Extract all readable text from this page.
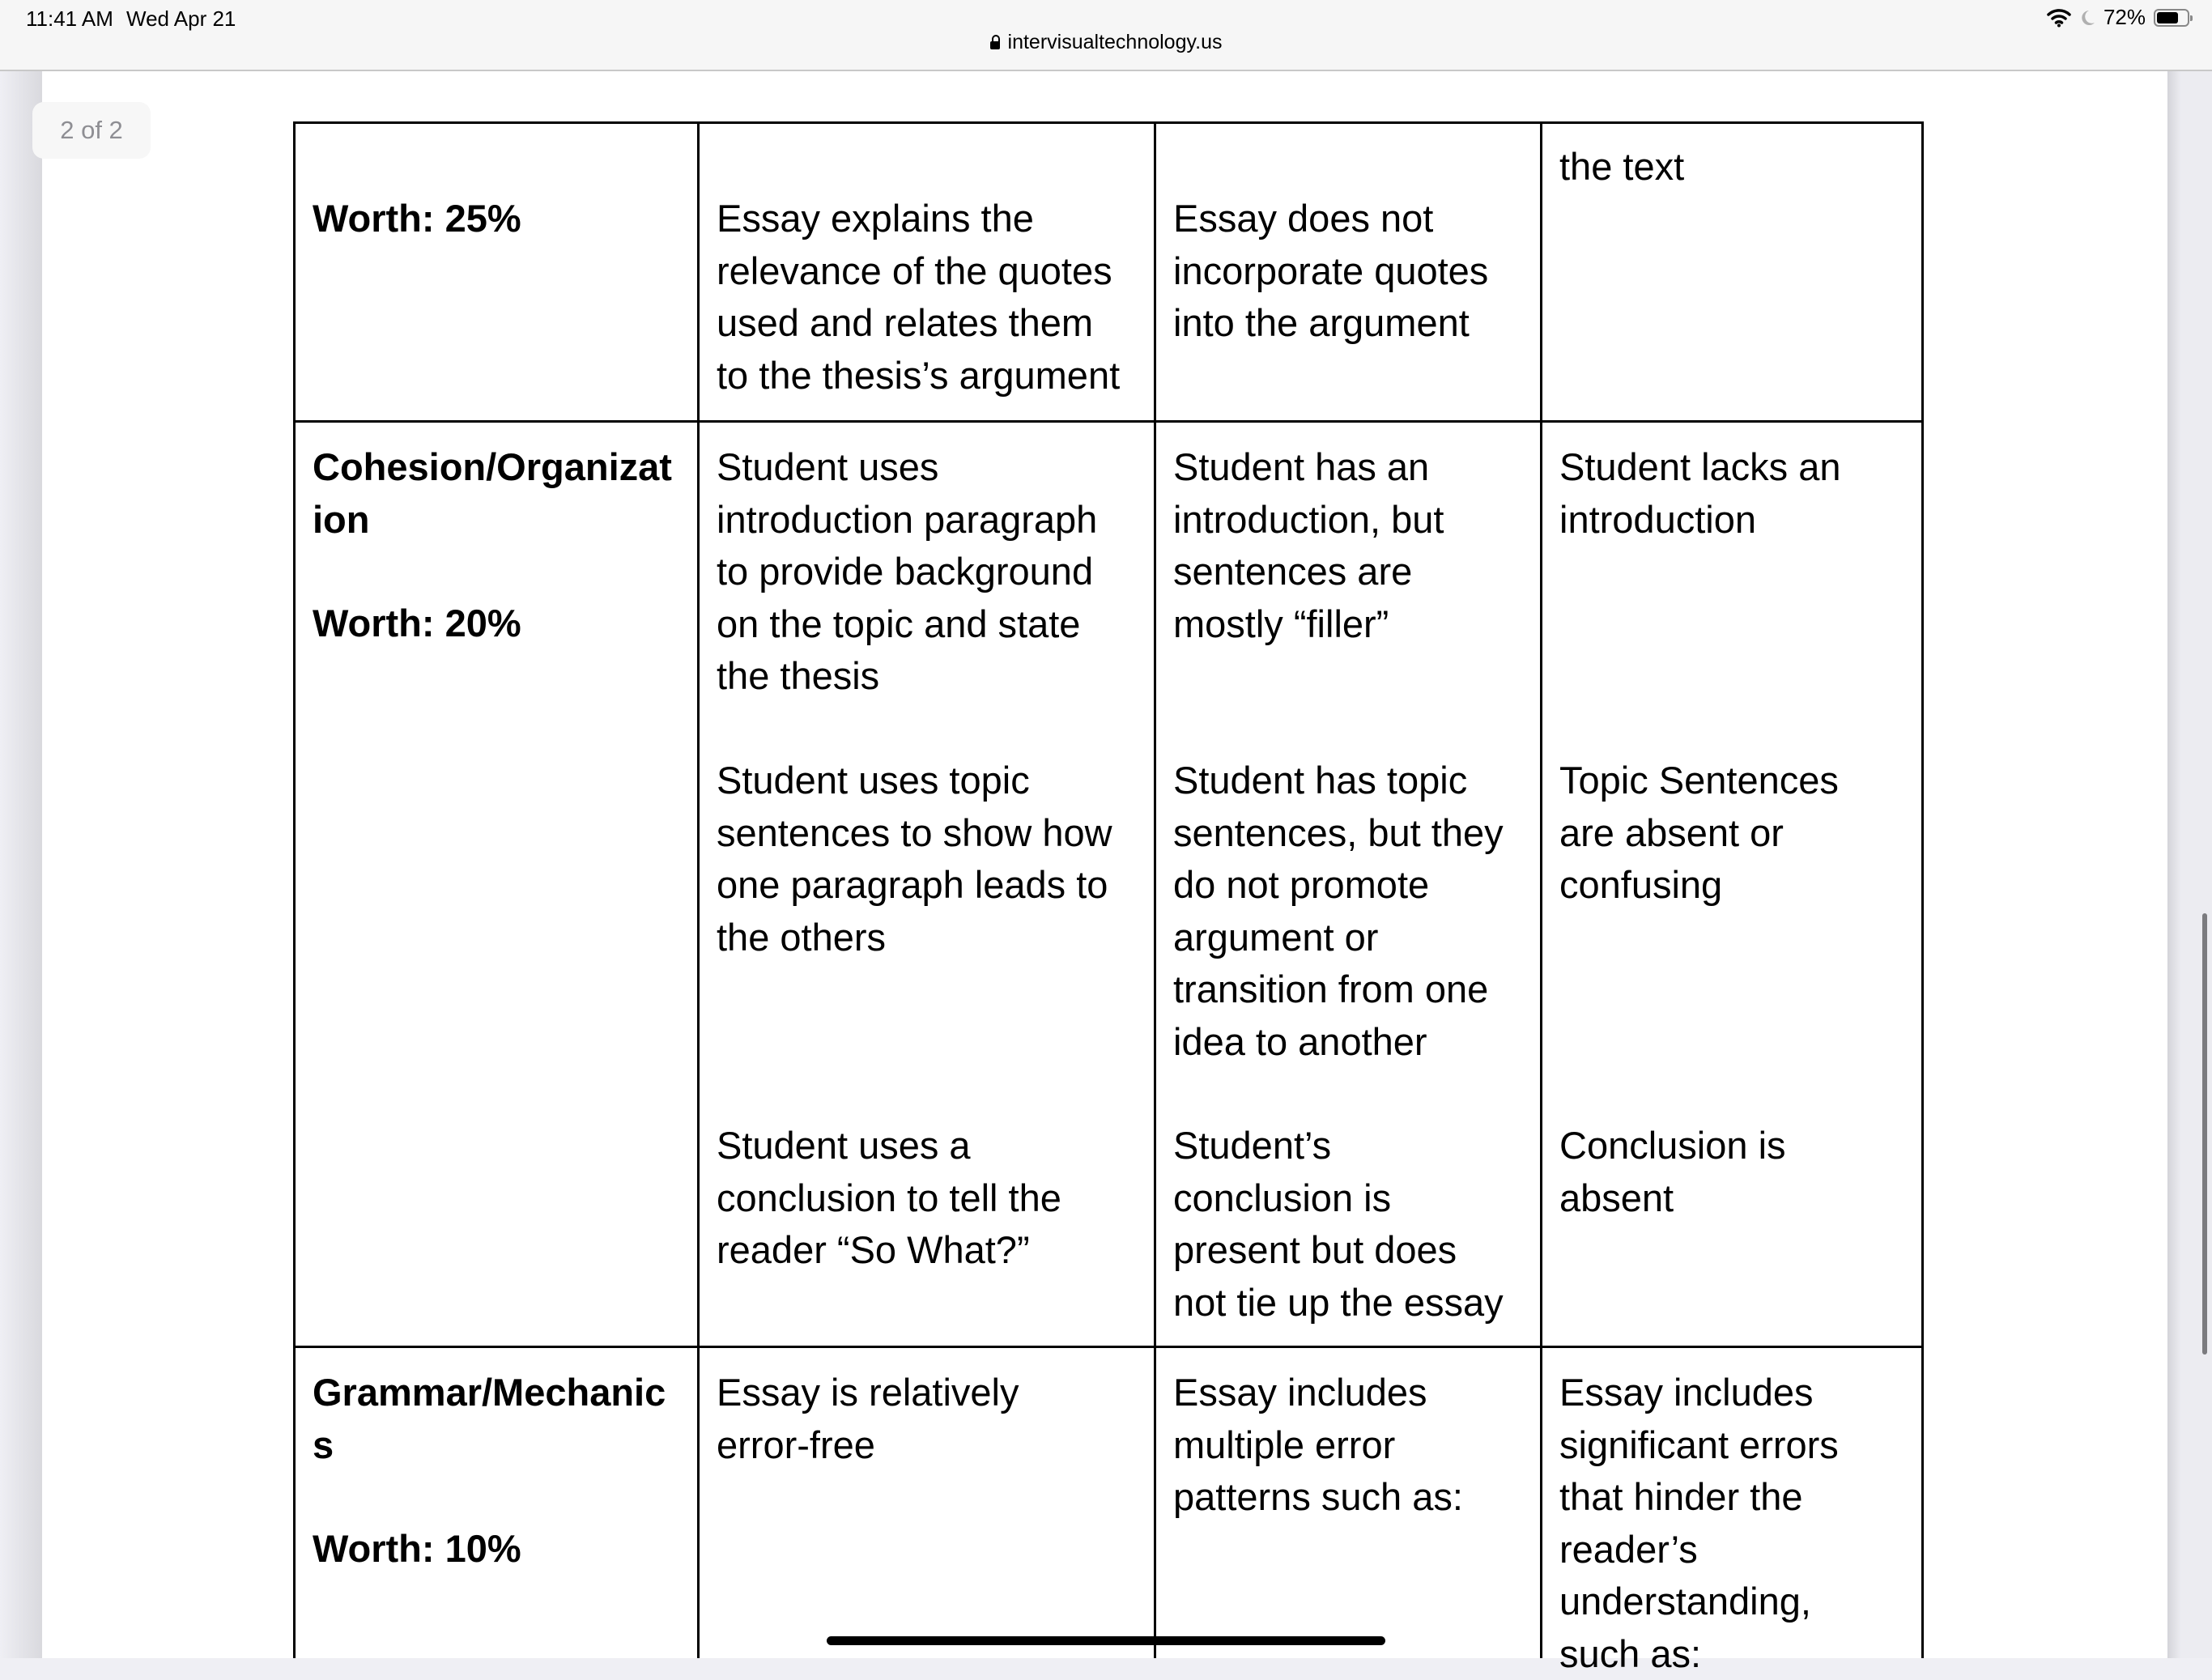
11:41 AM Wed Apr 21
intervisualtechnology.us
72%
2 of 2
Worth: 25%	Essay explains the
relevance of the quotes
used and relates them
to the thesis’s argument
Essay does not
incorporate quotes
into the argument
the text
Cohesion/Organizat
ion
Worth: 20%
Student uses
introduction paragraph
to provide background
on the topic and state
the thesis
Student has an
introduction, but
sentences are
mostly “filler”
Student lacks an
introduction
Student uses topic
sentences to show how
one paragraph leads to
the others
Student has topic
sentences, but they
do not promote
argument or
transition from one
idea to another
Topic Sentences
are absent or
confusing
Student uses a
conclusion to tell the
reader “So What?”
Student’s
conclusion is
present but does
not tie up the essay
Conclusion is
absent
Grammar/Mechanic
s
Worth: 10%
Essay is relatively
error-free
Essay includes
multiple error
patterns such as:
Essay includes
significant errors
that hinder the
reader’s
understanding,
such as:
